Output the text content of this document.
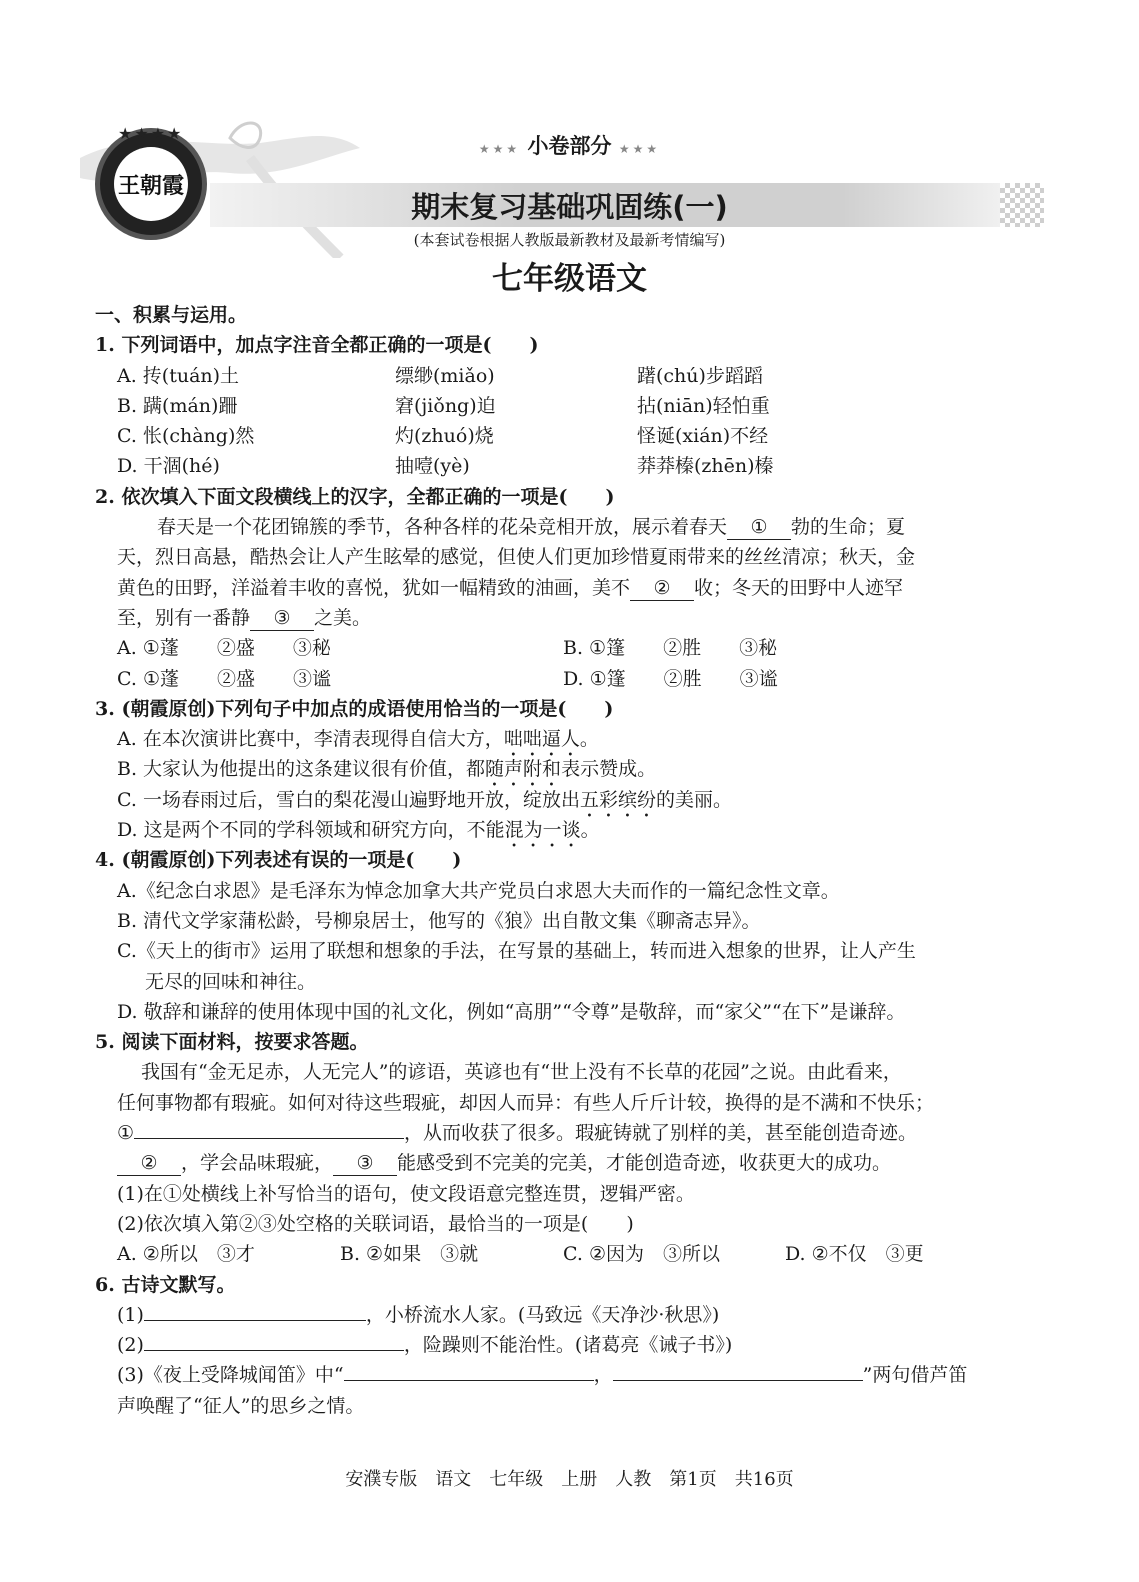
王朝霞
★★★★
★★★ 小卷部分 ★★★
期末复习基础巩固练(一)
(本套试卷根据人教版最新教材及最新考情编写)
七年级语文
一、积累与运用。
1. 下列词语中，加点字注音全都正确的一项是(　　)
A. 抟(tuán)土	缥缈(miǎo)	躇(chú)步蹈蹈
B. 蹒(mán)跚	窘(jiǒng)迫	拈(niān)轻怕重
C. 怅(chàng)然	灼(zhuó)烧	怪诞(xián)不经
D. 干涸(hé)	抽噎(yè)	莽莽榛(zhēn)榛
2. 依次填入下面文段横线上的汉字，全都正确的一项是(　　)
春天是一个花团锦簇的季节，各种各样的花朵竞相开放，展示着春天 ① 勃的生命；夏
天，烈日高悬，酷热会让人产生眩晕的感觉，但使人们更加珍惜夏雨带来的丝丝清凉；秋天，金
黄色的田野，洋溢着丰收的喜悦，犹如一幅精致的油画，美不 ② 收；冬天的田野中人迹罕
至，别有一番静 ③ 之美。
A. ①蓬　　②盛　　③秘	B. ①篷　　②胜　　③秘
C. ①蓬　　②盛　　③谧	D. ①篷　　②胜　　③谧
3. (朝霞原创)下列句子中加点的成语使用恰当的一项是(　　)
A. 在本次演讲比赛中，李清表现得自信大方，咄咄逼人。
B. 大家认为他提出的这条建议很有价值，都随声附和表示赞成。
C. 一场春雨过后，雪白的梨花漫山遍野地开放，绽放出五彩缤纷的美丽。
D. 这是两个不同的学科领域和研究方向，不能混为一谈。
4. (朝霞原创)下列表述有误的一项是(　　)
A.《纪念白求恩》是毛泽东为悼念加拿大共产党员白求恩大夫而作的一篇纪念性文章。
B. 清代文学家蒲松龄，号柳泉居士，他写的《狼》出自散文集《聊斋志异》。
C.《天上的街市》运用了联想和想象的手法，在写景的基础上，转而进入想象的世界，让人产生
无尽的回味和神往。
D. 敬辞和谦辞的使用体现中国的礼文化，例如“高朋”“令尊”是敬辞，而“家父”“在下”是谦辞。
5. 阅读下面材料，按要求答题。
我国有“金无足赤，人无完人”的谚语，英谚也有“世上没有不长草的花园”之说。由此看来，
任何事物都有瑕疵。如何对待这些瑕疵，却因人而异：有些人斤斤计较，换得的是不满和不快乐；
①	，从而收获了很多。瑕疵铸就了别样的美，甚至能创造奇迹。
② ，学会品味瑕疵， ③ 能感受到不完美的完美，才能创造奇迹，收获更大的成功。
(1)在①处横线上补写恰当的语句，使文段语意完整连贯，逻辑严密。
(2)依次填入第②③处空格的关联词语，最恰当的一项是(　　)
A. ②所以　③才	B. ②如果　③就	C. ②因为　③所以	D. ②不仅　③更
6. 古诗文默写。
(1)	，小桥流水人家。(马致远《天净沙·秋思》)
(2)	，险躁则不能治性。(诸葛亮《诫子书》)
(3)《夜上受降城闻笛》中“	，	”两句借芦笛
声唤醒了“征人”的思乡之情。
安濮专版　语文　七年级　上册　人教　第1页　共16页
